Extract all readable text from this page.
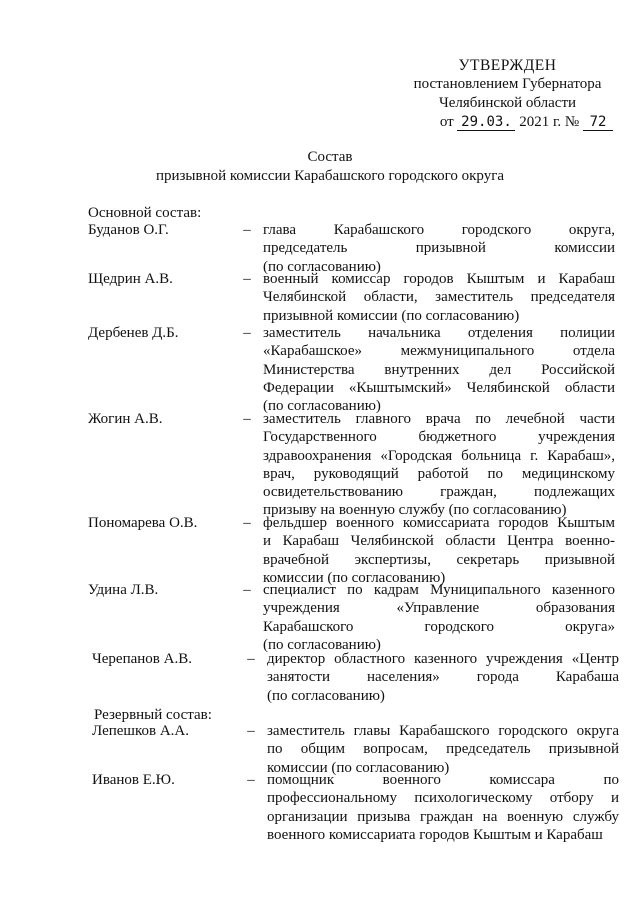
УТВЕРЖДЕН
постановлением Губернатора
Челябинской области
от 29.03. 2021 г. № 72
Состав
призывной комиссии Карабашского городского округа
Основной состав:
Буданов О.Г.	– глава Карабашского городского округа,
председатель призывной комиссии
(по согласованию)
Щедрин А.В.	– военный комиссар городов Кыштым и Карабаш
Челябинской области, заместитель председателя
призывной комиссии (по согласованию)
Дербенев Д.Б.	– заместитель начальника отделения полиции
«Карабашское» межмуниципального отдела
Министерства внутренних дел Российской
Федерации «Кыштымский» Челябинской области
(по согласованию)
Жогин А.В.	– заместитель главного врача по лечебной части
Государственного бюджетного учреждения
здравоохранения «Городская больница г. Карабаш»,
врач, руководящий работой по медицинскому
освидетельствованию граждан, подлежащих
призыву на военную службу (по согласованию)
Пономарева О.В.	– фельдшер военного комиссариата городов Кыштым
и Карабаш Челябинской области Центра военно-
врачебной экспертизы, секретарь призывной
комиссии (по согласованию)
Удина Л.В.	– специалист по кадрам Муниципального казенного
учреждения «Управление образования
Карабашского городского округа»
(по согласованию)
Черепанов А.В.	– директор областного казенного учреждения «Центр
занятости населения» города Карабаша
(по согласованию)
Резервный состав:
Лепешков А.А.	– заместитель главы Карабашского городского округа
по общим вопросам, председатель призывной
комиссии (по согласованию)
Иванов Е.Ю.	– помощник военного комиссара по
профессиональному психологическому отбору и
организации призыва граждан на военную службу
военного комиссариата городов Кыштым и Карабаш
